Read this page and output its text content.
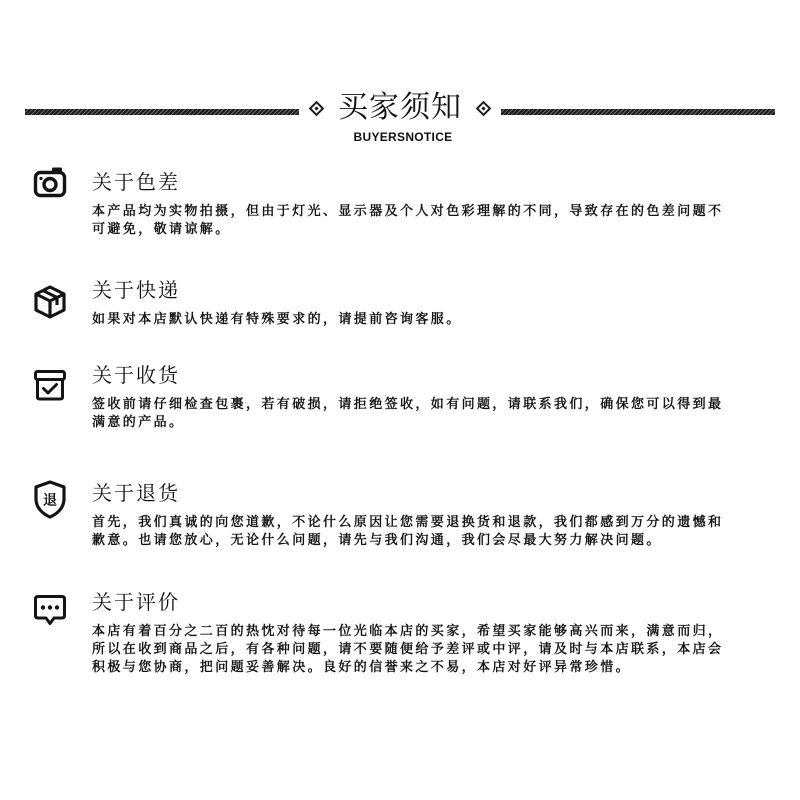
买家须知
BUYERSNOTICE
关于色差
本产品均为实物拍摄，但由于灯光、显示器及个人对色彩理解的不同，导致存在的色差问题不
可避免，敬请谅解。
关于快递
如果对本店默认快递有特殊要求的，请提前咨询客服。
关于收货
签收前请仔细检查包裹，若有破损，请拒绝签收，如有问题，请联系我们，确保您可以得到最
满意的产品。
退 关于退货
首先，我们真诚的向您道歉，不论什么原因让您需要退换货和退款，我们都感到万分的遗憾和
歉意。也请您放心，无论什么问题，请先与我们沟通，我们会尽最大努力解决问题。
关于评价
本店有着百分之二百的热忱对待每一位光临本店的买家，希望买家能够高兴而来，满意而归，
所以在收到商品之后，有各种问题，请不要随便给予差评或中评，请及时与本店联系，本店会
积极与您协商，把问题妥善解决。良好的信誉来之不易，本店对好评异常珍惜。
